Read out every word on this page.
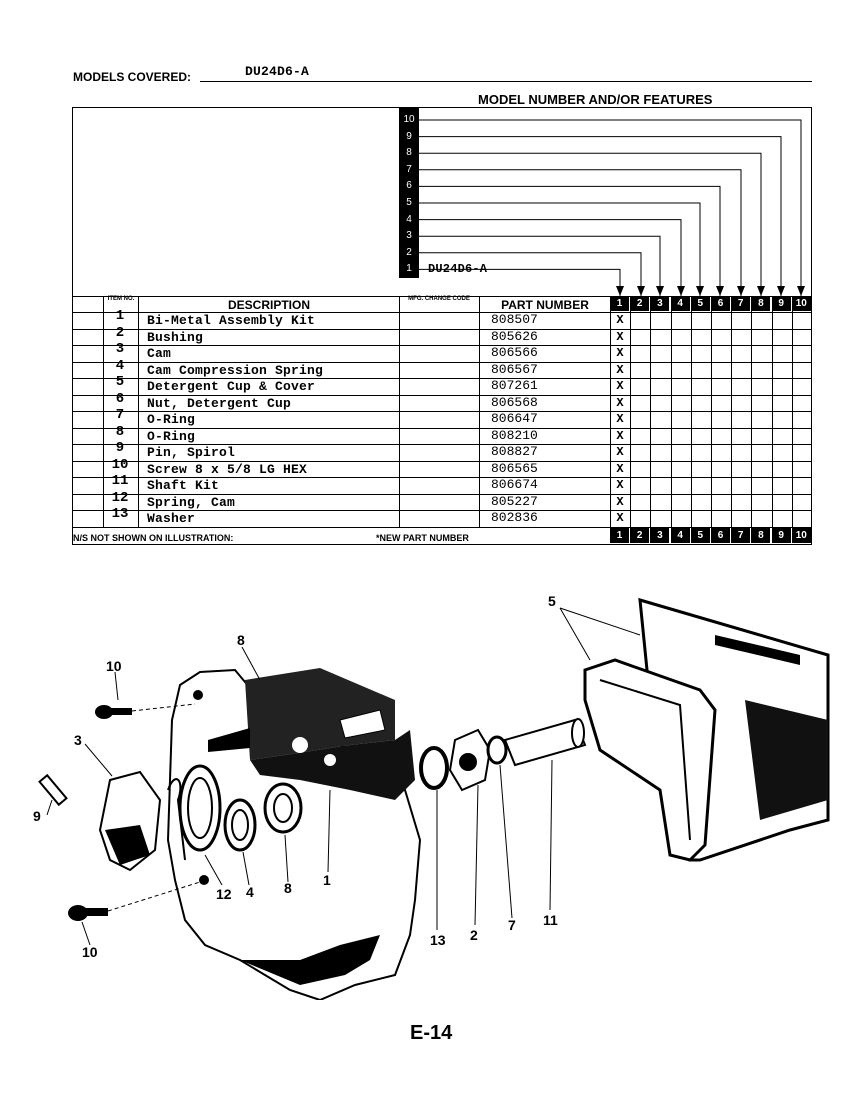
MODELS COVERED:	DU24D6-A
MODEL NUMBER AND/OR FEATURES
10
9
8
7
6
5
4
3
2
1	DU24D6-A
ITEM NO.	DESCRIPTION	MFG. CHANGE CODE	PART NUMBER	1	2	3	4	5	6	7	8	9	10
1	Bi-Metal Assembly Kit	808507	X
2	Bushing	805626	X
3	Cam	806566	X
4	Cam Compression Spring	806567	X
5	Detergent Cup & Cover	807261	X
6	Nut, Detergent Cup	806568	X
7	O-Ring	806647	X
8	O-Ring	808210	X
9	Pin, Spirol	808827	X
10	Screw 8 x 5/8 LG HEX	806565	X
11	Shaft Kit	806674	X
12	Spring, Cam	805227	X
13	Washer	802836	X
N/S NOT SHOWN ON ILLUSTRATION:	*NEW PART NUMBER	1	2	3	4	5	6	7	8	9	10
10
3
9
10
8
12 4 8 1
13 2
7 11
5
E-14
